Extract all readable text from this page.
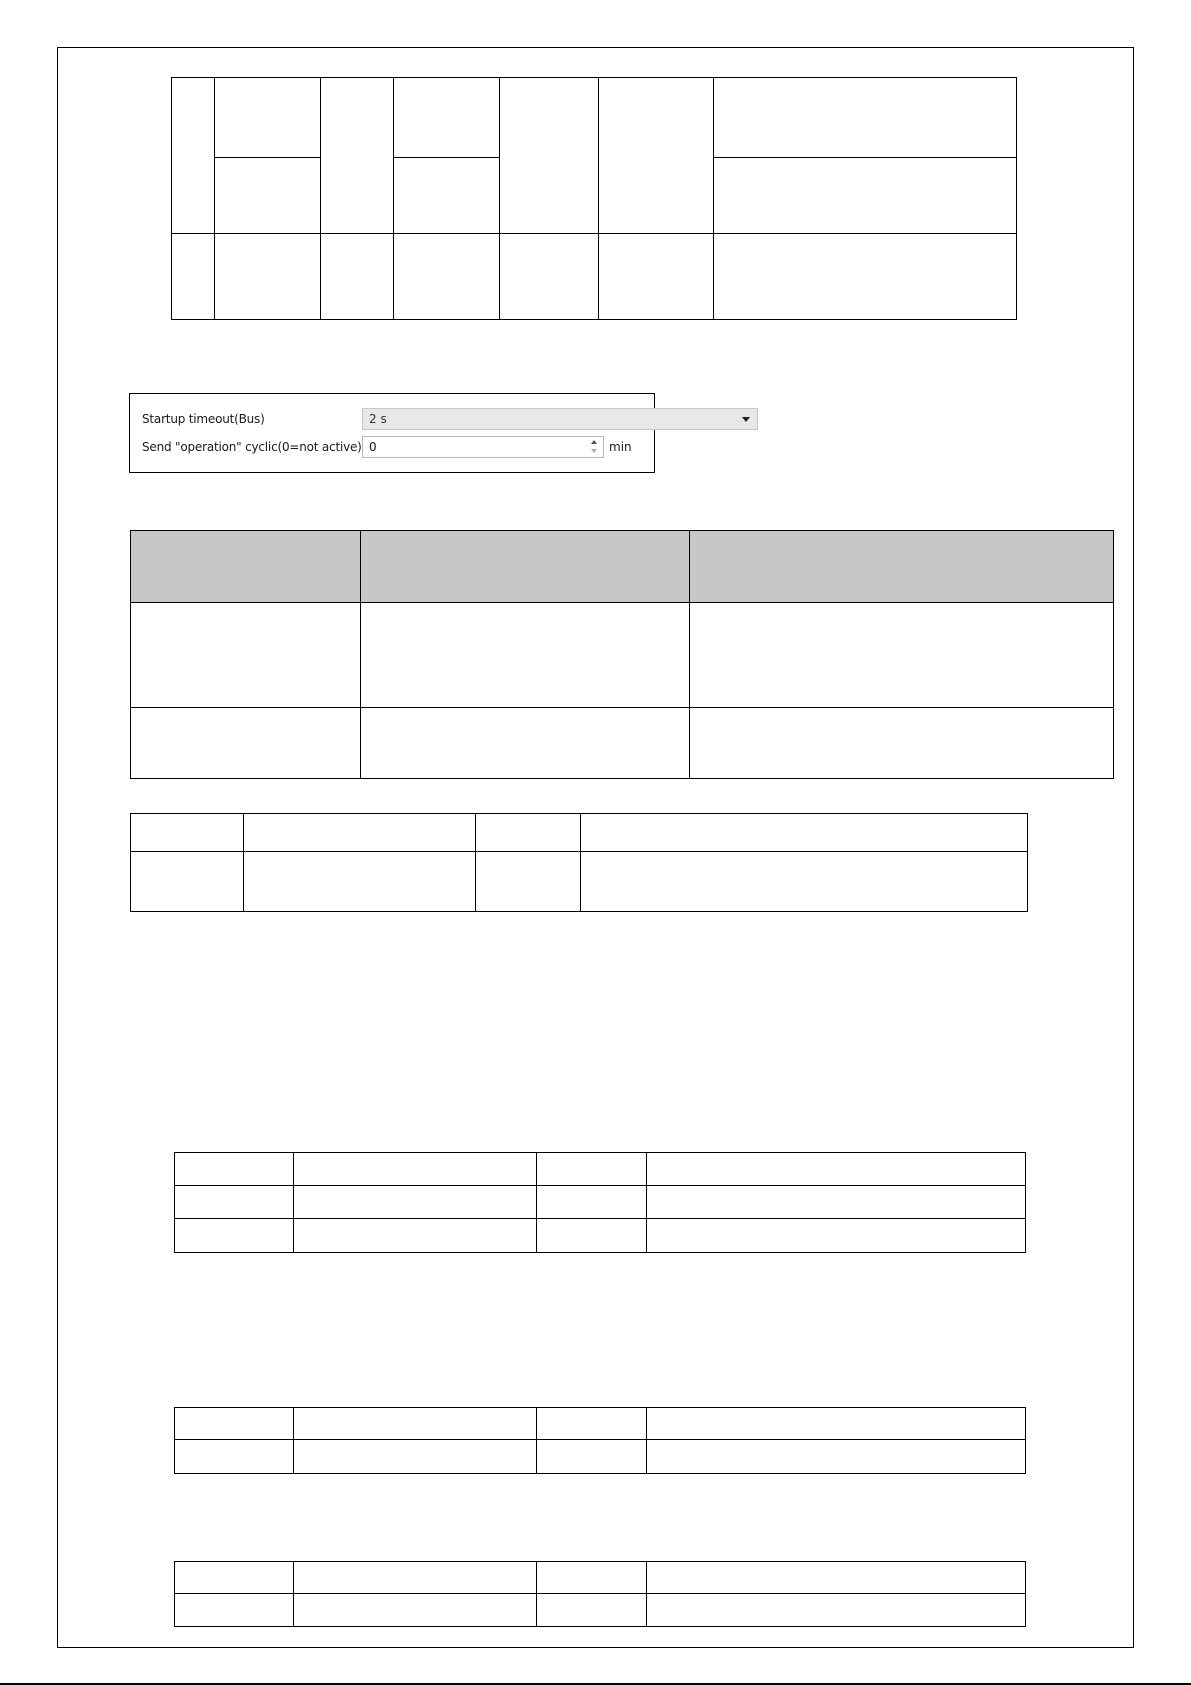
Startup timeout(Bus)	2 s
Send "operation" cyclic(0=not active) 0	min
